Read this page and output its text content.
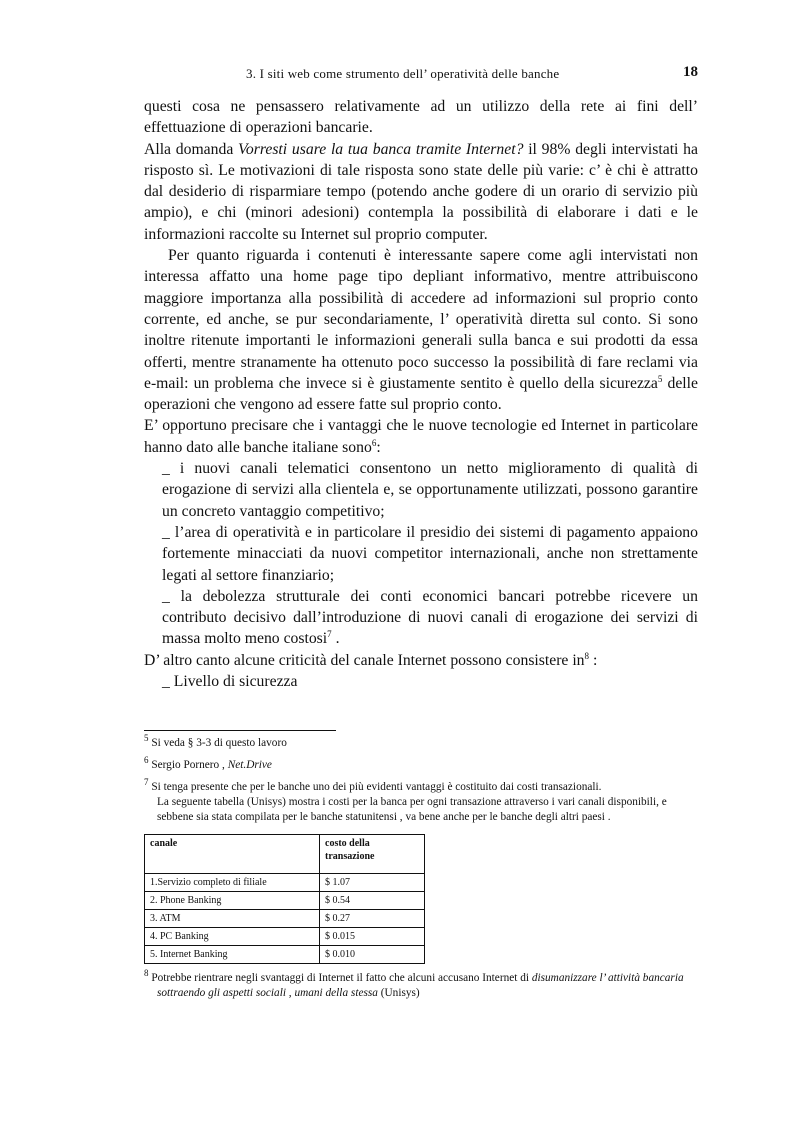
3. I siti web come strumento dell’ operatività delle banche	18

questi cosa ne pensassero relativamente ad un utilizzo della rete ai fini dell’ effettuazione di operazioni bancarie.

Alla domanda Vorresti usare la tua banca tramite Internet? il 98% degli intervistati ha risposto sì. Le motivazioni di tale risposta sono state delle più varie: c’ è chi è attratto dal desiderio di risparmiare tempo (potendo anche godere di un orario di servizio più ampio), e chi (minori adesioni) contempla la possibilità di elaborare i dati e le informazioni raccolte su Internet sul proprio computer.

Per quanto riguarda i contenuti è interessante sapere come agli intervistati non interessa affatto una home page tipo depliant informativo, mentre attribuiscono maggiore importanza alla possibilità di accedere ad informazioni sul proprio conto corrente, ed anche, se pur secondariamente, l’ operatività diretta sul conto. Si sono inoltre ritenute importanti le informazioni generali sulla banca e sui prodotti da essa offerti, mentre stranamente ha ottenuto poco successo la possibilità di fare reclami via e-mail: un problema che invece si è giustamente sentito è quello della sicurezza$^5$ delle operazioni che vengono ad essere fatte sul proprio conto.

E’ opportuno precisare che i vantaggi che le nuove tecnologie ed Internet in particolare hanno dato alle banche italiane sono$^6$:

_ i nuovi canali telematici consentono un netto miglioramento di qualità di erogazione di servizi alla clientela e, se opportunamente utilizzati, possono garantire un concreto vantaggio competitivo;
_ l’area di operatività e in particolare il presidio dei sistemi di pagamento appaiono fortemente minacciati da nuovi competitor internazionali, anche non strettamente legati al settore finanziario;
_ la debolezza strutturale dei conti economici bancari potrebbe ricevere un contributo decisivo dall’introduzione di nuovi canali di erogazione dei servizi di massa molto meno costosi$^7$ .

D’ altro canto alcune criticità del canale Internet possono consistere $in^8$ :

_ Livello di sicurezza
$^5$ Si veda § 3-3 di questo lavoro
$^6$ Sergio Pornero , Net.Drive
$^7$ Si tenga presente che per le banche uno dei più evidenti vantaggi è costituito dai costi transazionali.
La seguente tabella (Unisys) mostra i costi per la banca per ogni transazione attraverso i vari canali disponibili, e sebbene sia stata compilata per le banche statunitensi , va bene anche per le banche degli altri paesi .
canale	costo della transazione
1.Servizio completo di filiale	$ 1.07
2. Phone Banking	$ 0.54
3. ATM	$ 0.27
4. PC Banking	$ 0.015
5. Internet Banking	$ 0.010
$^8$ Potrebbe rientrare negli svantaggi di Internet il fatto che alcuni accusano Internet di disumanizzare l’ attività bancaria sottraendo gli aspetti sociali , umani della stessa (Unisys)
